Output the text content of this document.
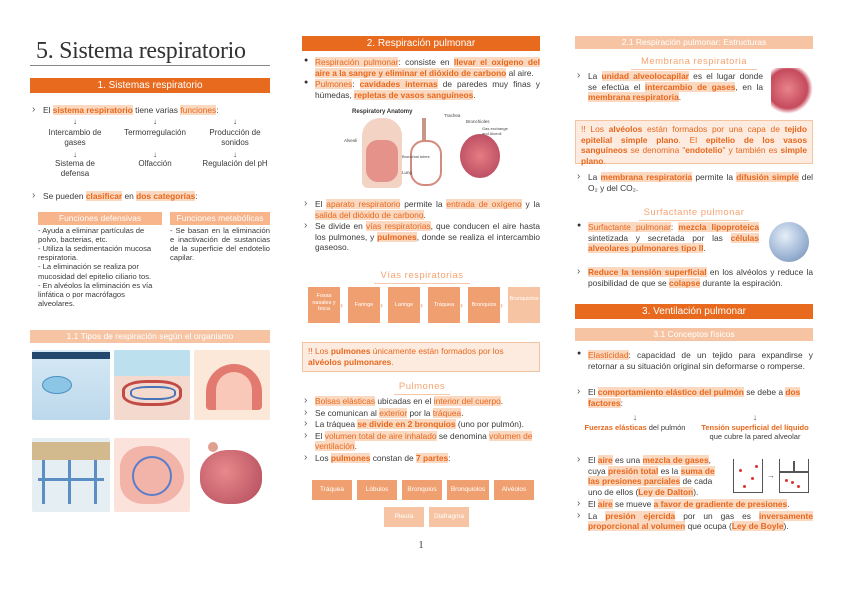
5. Sistema respiratorio
1. Sistemas respiratorio
› El sistema respiratorio tiene varias funciones:
↓	↓	↓
Intercambio de gases
Termorregulación	Producción de sonidos
↓	↓	↓
Sistema de defensa
Olfacción	Regulación del pH
› Se pueden clasificar en dos categorías:
Funciones defensivas
- Ayuda a eliminar partículas de polvo, bacterias, etc.
- Utiliza la sedimentación mucosa respiratoria.
- La eliminación se realiza por mucosidad del epitelio ciliario tos.
- En alvéolos la eliminación es vía linfática o por macrófagos alveolares.
Funciones metabólicas
- Se basan en la eliminación e inactivación de sustancias de la superficie del endotelio capilar.
1.1 Tipos de respiración según el organismo
2. Respiración pulmonar
● Respiración pulmonar: consiste en llevar el oxígeno del aire a la sangre y eliminar el dióxido de carbono al aire.
● Pulmones: cavidades internas de paredes muy finas y húmedas, repletas de vasos sanguíneos.
Respiratory Anatomy
Trachea
Bronchioles
Gas exchange and Alveoli
Alveoli
Bronchial tubes
Lung
› El aparato respiratorio permite la entrada de oxígeno y la salida del dióxido de carbono.
› Se divide en vías respiratorias, que conducen el aire hasta los pulmones, y pulmones, donde se realiza el intercambio gaseoso.
Vías respiratorias
Fosas nasales y boca	›	Faringe ›	Laringe ›	Tráquea ›	Bronquios ›
Bronquiolos
!! Los pulmones únicamente están formados por los alvéolos pulmonares.
Pulmones
› Bolsas elásticas ubicadas en el interior del cuerpo.
› Se comunican al exterior por la tráquea.
› La tráquea se divide en 2 bronquios (uno por pulmón).
› El volumen total de aire inhalado se denomina volumen de ventilación.
› Los pulmones constan de 7 partes:
Tráquea	Lóbulos	Bronquios	Bronquiolos	Alvéolos
Pleura	Diafragma
1
2.1 Respiración pulmonar: Estructuras
Membrana respiratoria
› La unidad alveolocapilar es el lugar donde se efectúa el intercambio de gases, en la membrana respiratoria.
!! Los alvéolos están formados por una capa de tejido epitelial simple plano. El epitelio de los vasos sanguíneos se denomina "endotelio" y también es simple plano.
› La membrana respiratoria permite la difusión simple del O₂ y del CO₂.
Surfactante pulmonar
● Surfactante pulmonar: mezcla lipoproteica sintetizada y secretada por las células alveolares pulmonares tipo II.
› Reduce la tensión superficial en los alvéolos y reduce la posibilidad de que se colapse durante la espiración.
3. Ventilación pulmonar
3.1 Conceptos físicos
● Elasticidad: capacidad de un tejido para expandirse y retornar a su situación original sin deformarse o romperse.
› El comportamiento elástico del pulmón se debe a dos factores:
↓
Fuerzas elásticas del pulmón
↓
Tensión superficial del líquido
que cubre la pared alveolar
› El aire es una mezcla de gases, cuya presión total es la suma de las presiones parciales de cada uno de ellos (Ley de Dalton).
→
› El aire se mueve a favor de gradiente de presiones.
› La presión ejercida por un gas es inversamente proporcional al volumen que ocupa (Ley de Boyle).
